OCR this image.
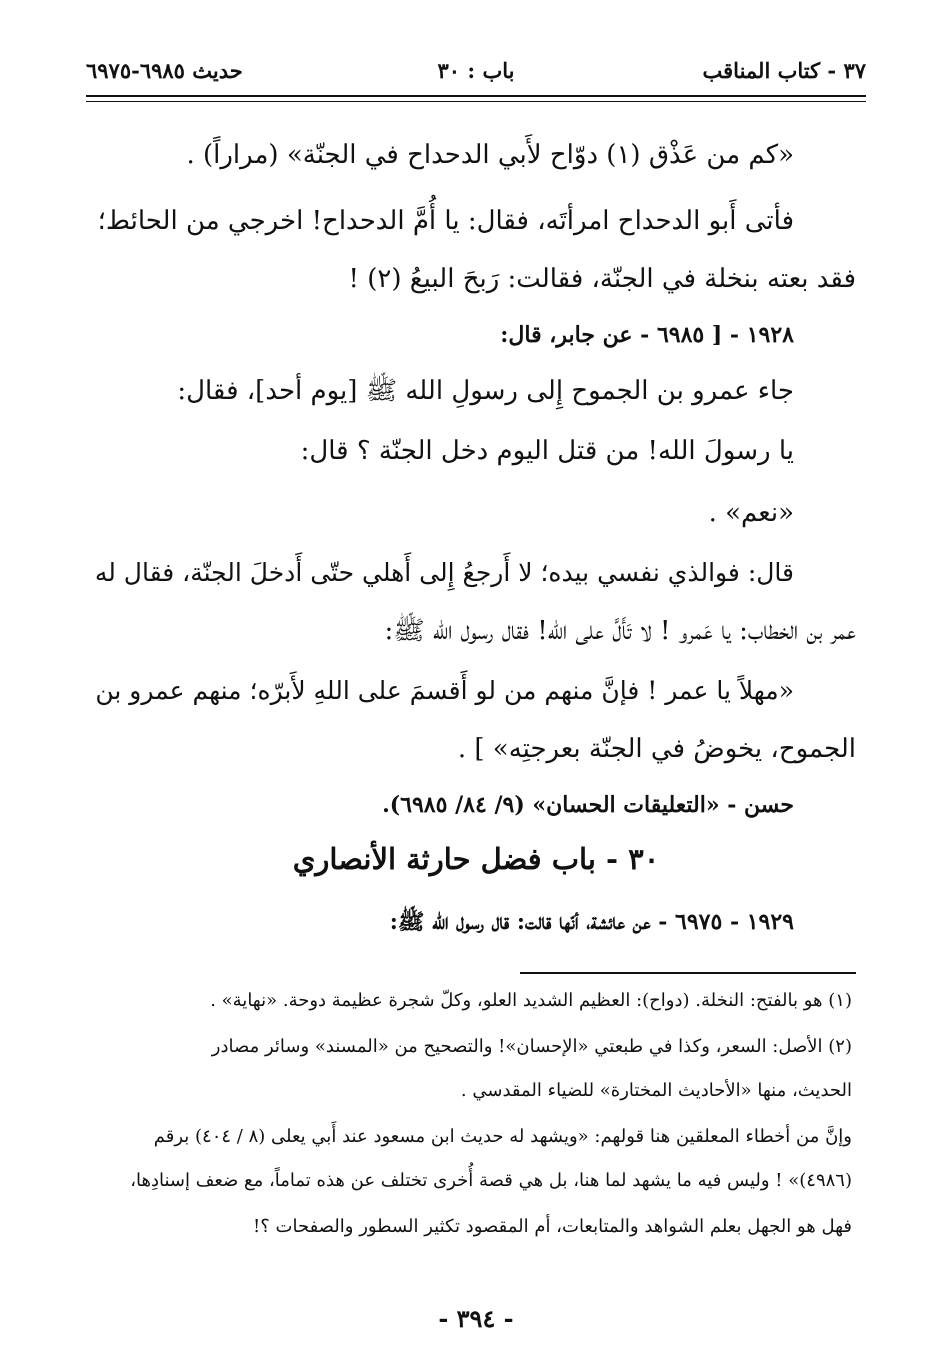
٣٧ - كتاب المناقب
باب : ٣٠
حديث ٦٩٨٥-٦٩٧٥
«كم من عَذْق (١) دوّاح لأَبي الدحداح في الجنّة» (مراراً) .
فأتى أَبو الدحداح امرأتَه، فقال: يا أُمَّ الدحداح! اخرجي من الحائط؛
فقد بعته بنخلة في الجنّة، فقالت: رَبحَ البيعُ (٢) !
١٩٢٨ - [ ٦٩٨٥ - عن جابر، قال:
جاء عمرو بن الجموح إِلى رسولِ الله ﷺ [يوم أحد]، فقال:
يا رسولَ الله! من قتل اليوم دخل الجنّة ؟ قال:
«نعم» .
قال: فوالذي نفسي بيده؛ لا أَرجعُ إِلى أَهلي حتّى أَدخلَ الجنّة، فقال له
عمر بن الخطاب: يا عَمرو ! لا تَأَلَّ على الله! فقال رسول الله ﷺ:
«مهلاً يا عمر ! فإنَّ منهم من لو أَقسمَ على اللهِ لأَبرّه؛ منهم عمرو بن
الجموح، يخوضُ في الجنّة بعرجتِه» ] .
حسن - «التعليقات الحسان» (٩/ ٨٤/ ٦٩٨٥).
٣٠ - باب فضل حارثة الأنصاري
١٩٢٩ - ٦٩٧٥ - عن عائشة، أنّها قالت: قال رسول الله ﷺ:
(١) هو بالفتح: النخلة. (دواح): العظيم الشديد العلو، وكلّ شجرة عظيمة دوحة. «نهاية» .
(٢) الأصل: السعر، وكذا في طبعتي «الإحسان»! والتصحيح من «المسند» وسائر مصادر
الحديث، منها «الأحاديث المختارة» للضياء المقدسي .
وإنَّ من أخطاء المعلقين هنا قولهم: «ويشهد له حديث ابن مسعود عند أَبي يعلى (٨ / ٤٠٤) برقم
(٤٩٨٦)» ! وليس فيه ما يشهد لما هنا، بل هي قصة أُخرى تختلف عن هذه تماماً، مع ضعف إسنادِها،
فهل هو الجهل بعلم الشواهد والمتابعات، أم المقصود تكثير السطور والصفحات ؟!
- ٣٩٤ -
